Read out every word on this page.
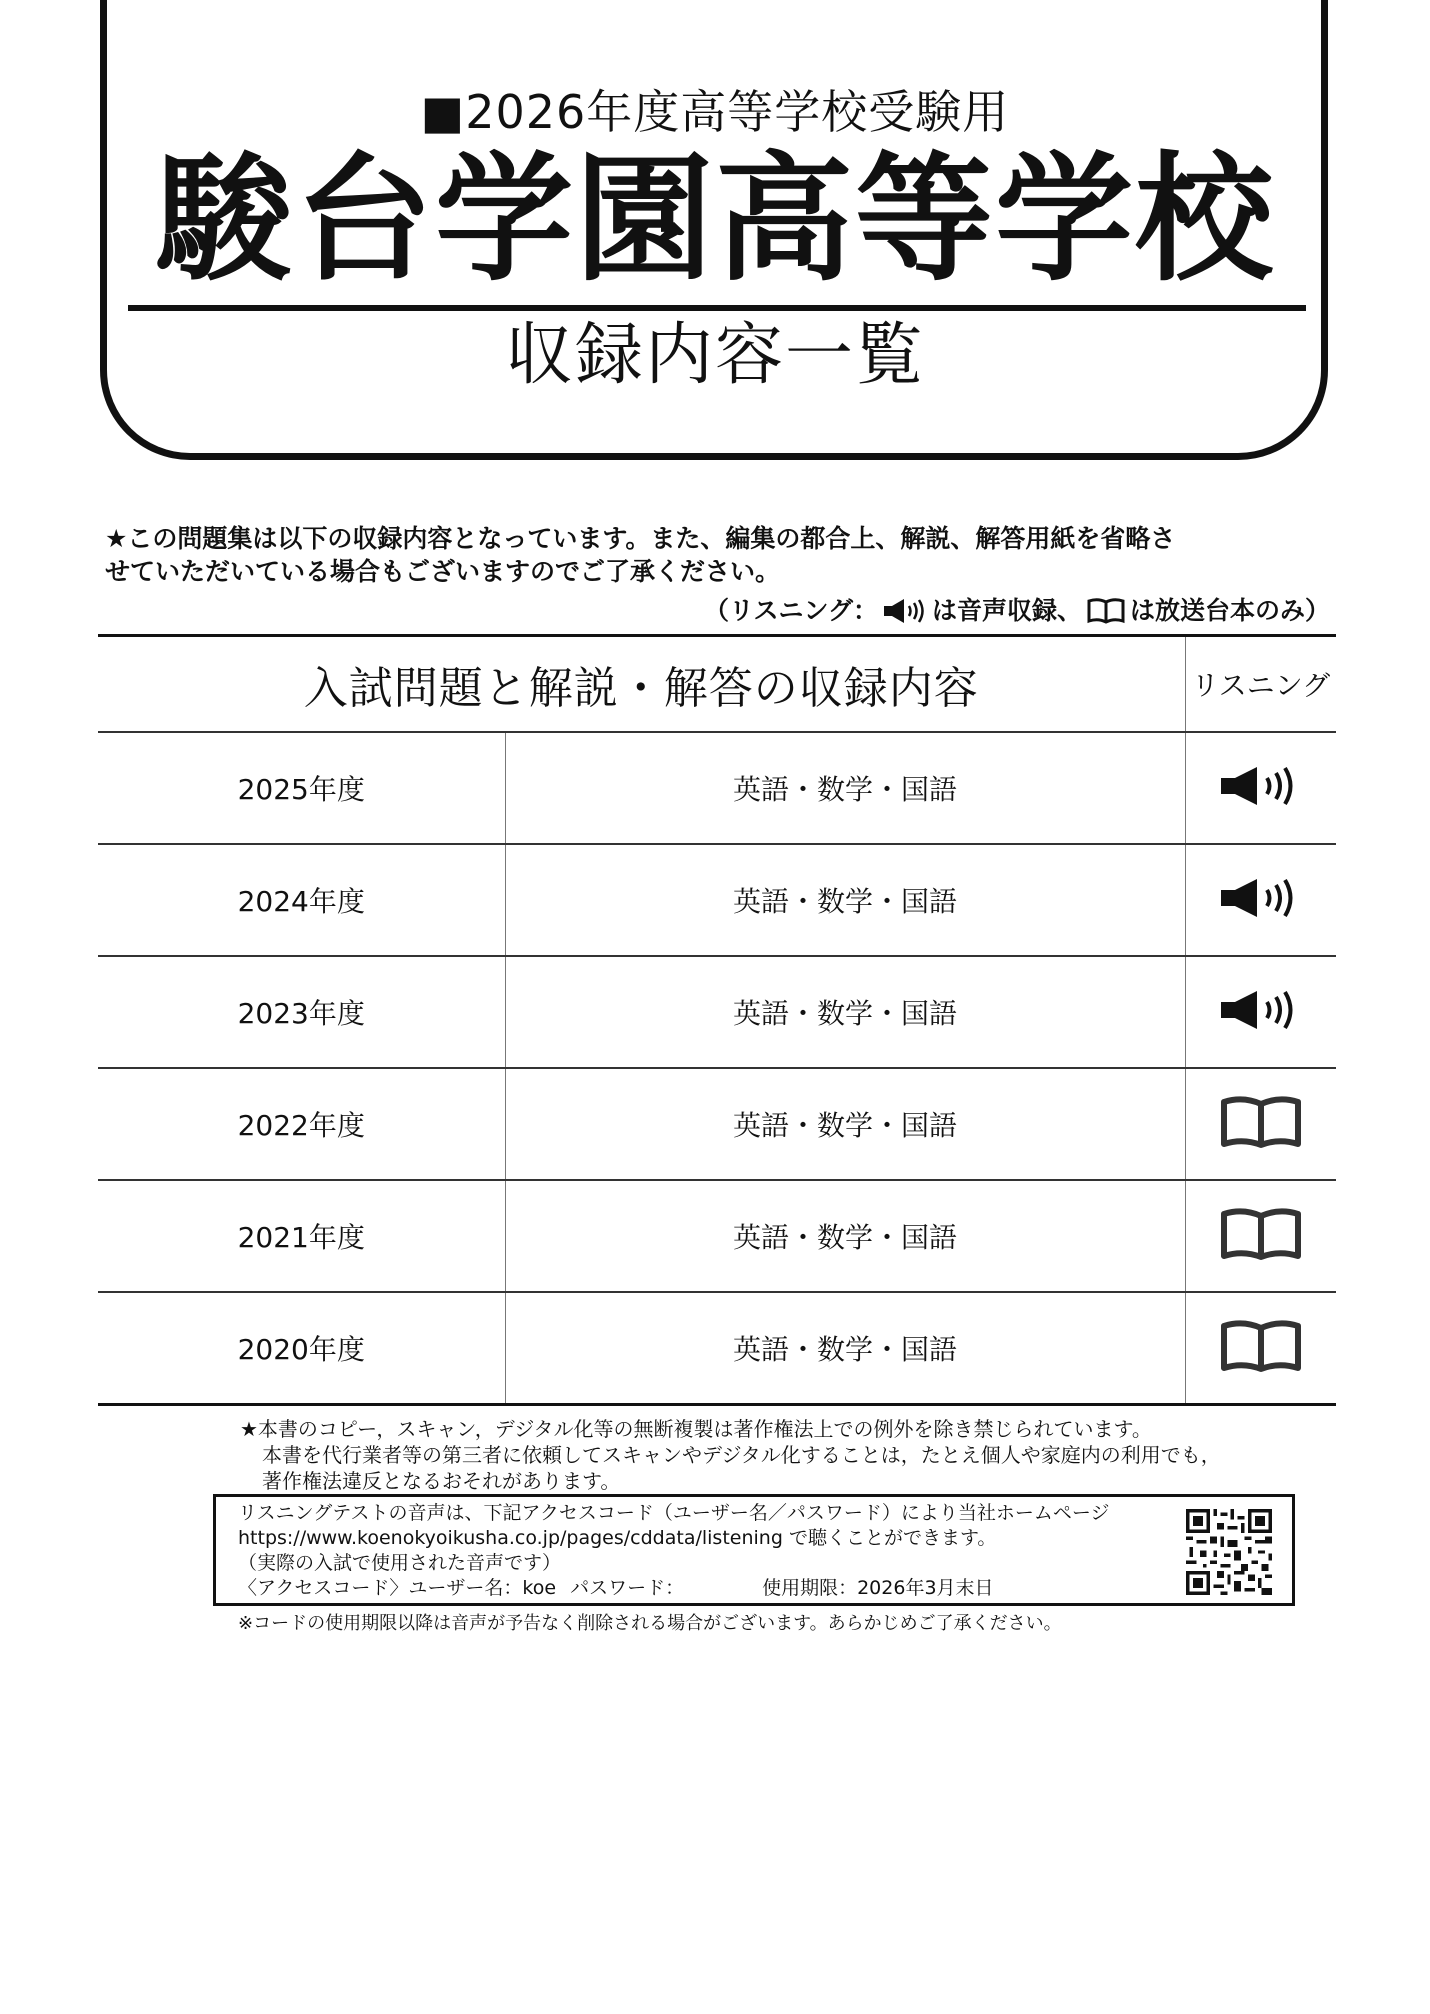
■2026年度高等学校受験用
駿台学園高等学校
収録内容一覧
★この問題集は以下の収録内容となっています。また、編集の都合上、解説、解答用紙を省略さ
せていただいている場合もございますのでご了承ください。
（リスニング： は音声収録、 は放送台本のみ）
入試問題と解説・解答の収録内容		リスニング
2025年度	英語・数学・国語	
2024年度	英語・数学・国語	
2023年度	英語・数学・国語	
2022年度	英語・数学・国語	
2021年度	英語・数学・国語	
2020年度	英語・数学・国語	
★本書のコピー，スキャン，デジタル化等の無断複製は著作権法上での例外を除き禁じられています。
本書を代行業者等の第三者に依頼してスキャンやデジタル化することは，たとえ個人や家庭内の利用でも，
著作権法違反となるおそれがあります。
リスニングテストの音声は、下記アクセスコード（ユーザー名／パスワード）により当社ホームページ
https://www.koenokyoikusha.co.jp/pages/cddata/listening で聴くことができます。
（実際の入試で使用された音声です）
〈アクセスコード〉ユーザー名：koe パスワード：	使用期限：2026年3月末日
※コードの使用期限以降は音声が予告なく削除される場合がございます。あらかじめご了承ください。
